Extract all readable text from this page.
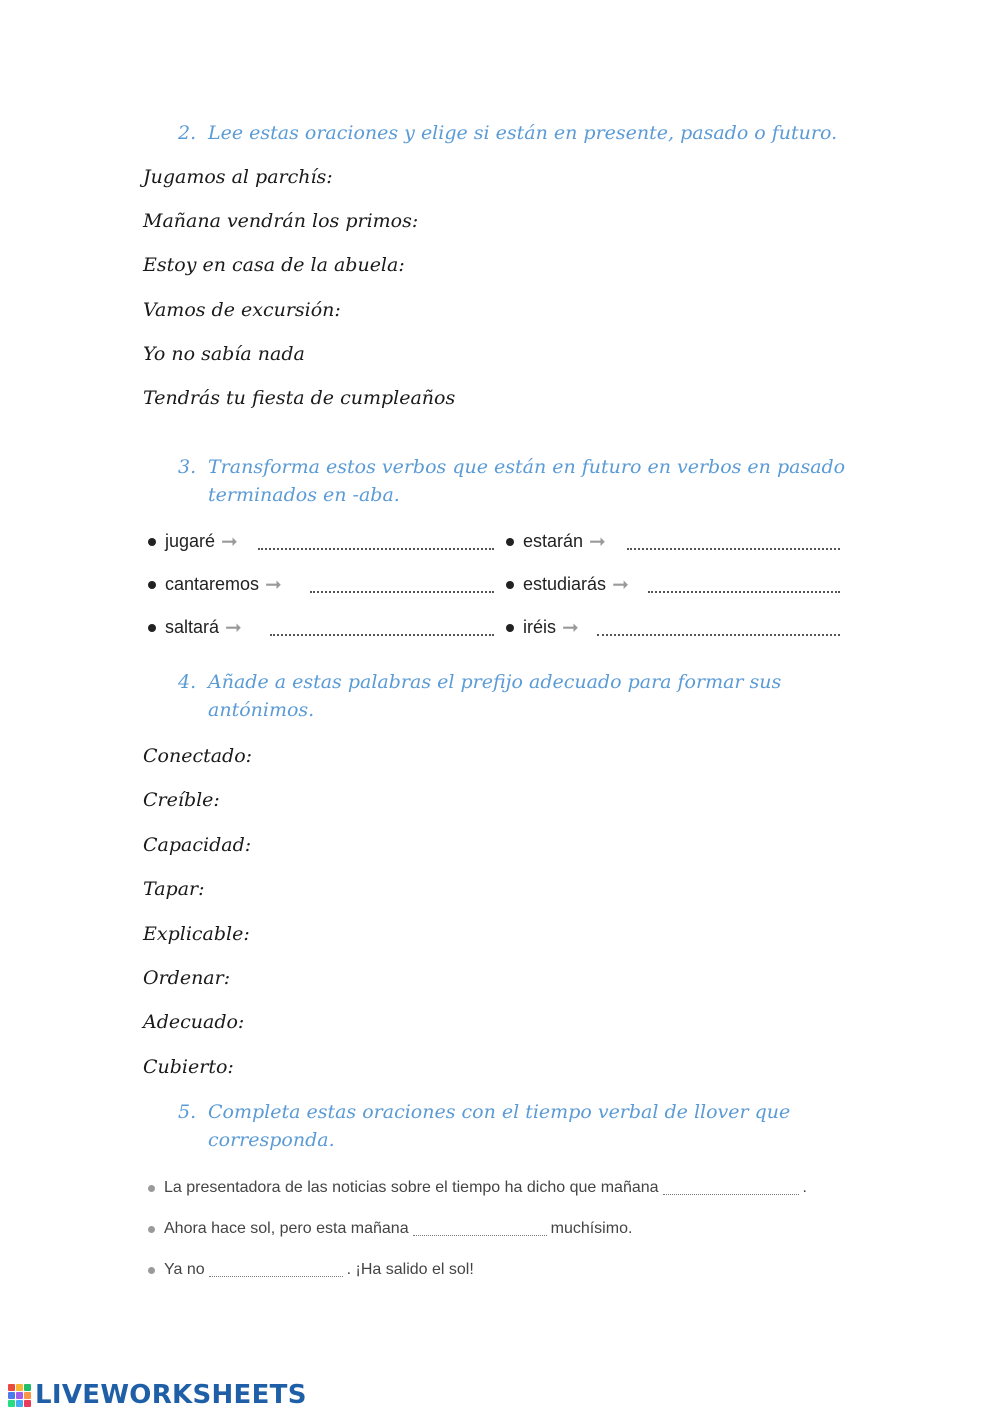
2. Lee estas oraciones y elige si están en presente, pasado o futuro.
Jugamos al parchís:
Mañana vendrán los primos:
Estoy en casa de la abuela:
Vamos de excursión:
Yo no sabía nada
Tendrás tu fiesta de cumpleaños
3. Transforma estos verbos que están en futuro en verbos en pasado
terminados en -aba.
jugaré ➞	estarán ➞
cantaremos ➞	estudiarás ➞
saltará ➞	iréis ➞
4. Añade a estas palabras el prefijo adecuado para formar sus
antónimos.
Conectado:
Creíble:
Capacidad:
Tapar:
Explicable:
Ordenar:
Adecuado:
Cubierto:
5. Completa estas oraciones con el tiempo verbal de llover que
corresponda.
La presentadora de las noticias sobre el tiempo ha dicho que mañana	.
Ahora hace sol, pero esta mañana	muchísimo.
Ya no	. ¡Ha salido el sol!
LIVEWORKSHEETS
